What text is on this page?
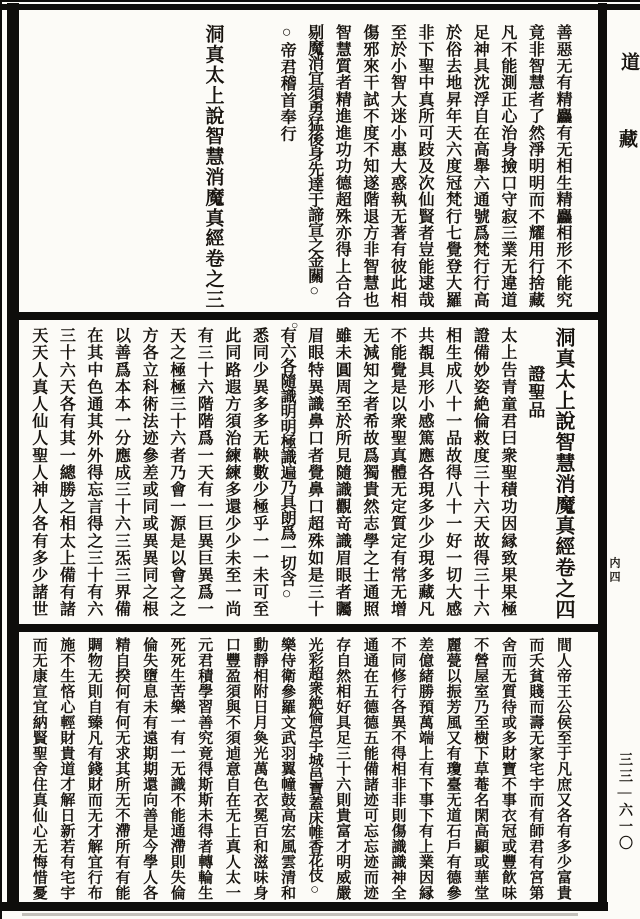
道
藏
内四
三三—六一〇
善惡无有精麤有无相生精麤相形不能究
竟非智慧者了然淨明明而不耀用行捨藏
凡不能測正心治身撿口守寂三業无違道
足神具沈浮自在高舉六通號爲梵行行高
於俗去地昇年天六度冠梵行七覺登大羅
非下聖中真所可跂及次仙賢者豈能逮哉
至於小智大迷小惠大惑執无著有彼此相
傷邪來干試不度不知遂階退方非智慧也
智慧質者精進進功功德超殊亦得上合合
剔魔消宜須勇猛後身先達于諦宣之金關○
○帝君稽首奉行
洞真太上說智慧消魔真經卷之三
○
洞真太上說智慧消魔真經卷之四
證聖品
太上告青童君曰衆聖積功因縁致果果極
證備妙姿絶倫救度三十六天故得三十六
相生成八十一品故得八十一好一切大感
共覩具形小感篤應各現多少少現多藏凡
不能覺是以衆聖真體无定質定有常无增
无減知之者希故爲獨貴然志學之士通照
雖未圓周至於所見隨識觀竒識眉眼者矚
眉眼特異識鼻口者覺鼻口超殊如是三十
有六各隨識明明極識遍乃具朗爲一切含○
悉同少異多多无鞅數少極乎一一未可至
此同路遐方須治練練多還少少未至一尚
有三十六階階爲一天有一巨異巨異爲一
天之極極三十六者乃會一源是以會之之
方各立科術法迹參差或同或異異同之根
以善爲本本一分應成三十六三炁三界備
在其中色通其外外得忘言得之三十有六
三十六天各有其一總勝之相太上備有諸
天天人真人仙人聖人神人各有多少諸世
間人帝王公侯至于凡庶又各有多少富貴
而夭貧賤而壽无家宅宇而有師君有宮第
舍而无質待或多財寶不事衣冠或豐飮味
不營屋室乃至樹下草菴名閑高顯或華堂
麗甍以振芳風又有瓊臺无道石戶有德參
差億緒勝預萬端上有下事下有上業因縁
不同修行各異不得相非非則傷識識神全
通通在五德德五能備諸迹可忘忘迹而迹
存自然相好具足三十六則貴富才明威嚴
光彩超衆絶倫宮宇城邑寶蓋床帷香花伎○
樂侍衛參羅文武羽翼幢鼓高宏風雲清和
動靜相附日月奐光萬色衣冕百和滋味身
口豐盈須與不須逌意自在无上真人太一
元君積學習善究竟得斯斯未得者轉輪生
死死生苦樂一有一无識不能通滯則失倫
倫失墮息未有遠期期還向善是今學人各
精自揆何有何无求其所无不滯所有有能
賙物无則自臻凡有錢財而无才解宜行布
施不生悋心輕財貴道才解日新若有宅宇
而无康宣宜納賢聖舍住真仙心无悔惜憂
